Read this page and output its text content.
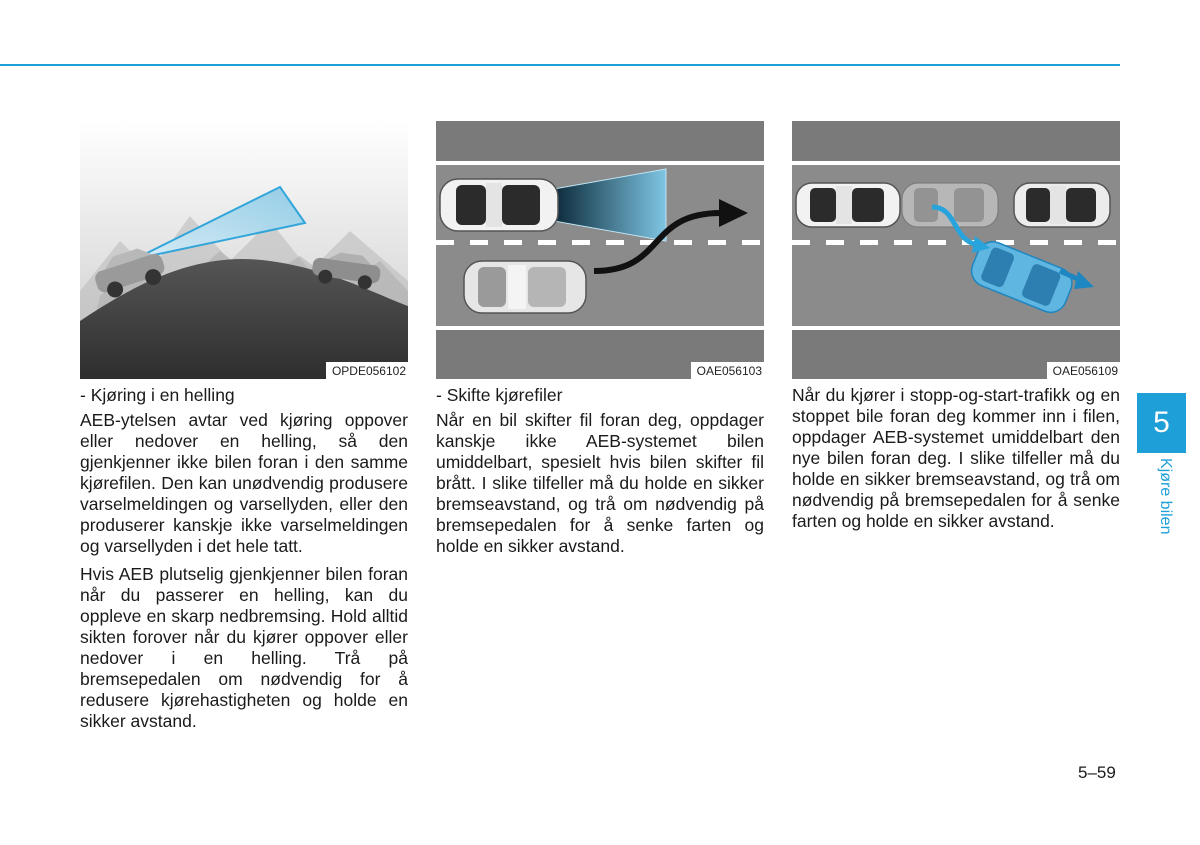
OPDE056102

- Kjøring i en helling

AEB-ytelsen avtar ved kjøring oppover eller nedover en helling, så den gjenkjenner ikke bilen foran i den samme kjørefilen. Den kan unødvendig produsere varselmeldingen og varsellyden, eller den produserer kanskje ikke varselmeldingen og varsellyden i det hele tatt.

Hvis AEB plutselig gjenkjenner bilen foran når du passerer en helling, kan du oppleve en skarp nedbremsing. Hold alltid sikten forover når du kjører oppover eller nedover i en helling. Trå på bremsepedalen om nødvendig for å redusere kjørehastigheten og holde en sikker avstand.

OAE056103

- Skifte kjørefiler

Når en bil skifter fil foran deg, oppdager kanskje ikke AEB-systemet bilen umiddelbart, spesielt hvis bilen skifter fil brått. I slike tilfeller må du holde en sikker bremseavstand, og trå om nødvendig på bremsepedalen for å senke farten og holde en sikker avstand.

OAE056109

Når du kjører i stopp-og-start-trafikk og en stoppet bile foran deg kommer inn i filen, oppdager AEB-systemet umiddelbart den nye bilen foran deg. I slike tilfeller må du holde en sikker bremseavstand, og trå om nødvendig på bremsepedalen for å senke farten og holde en sikker avstand.

5
Kjøre bilen
5–59
